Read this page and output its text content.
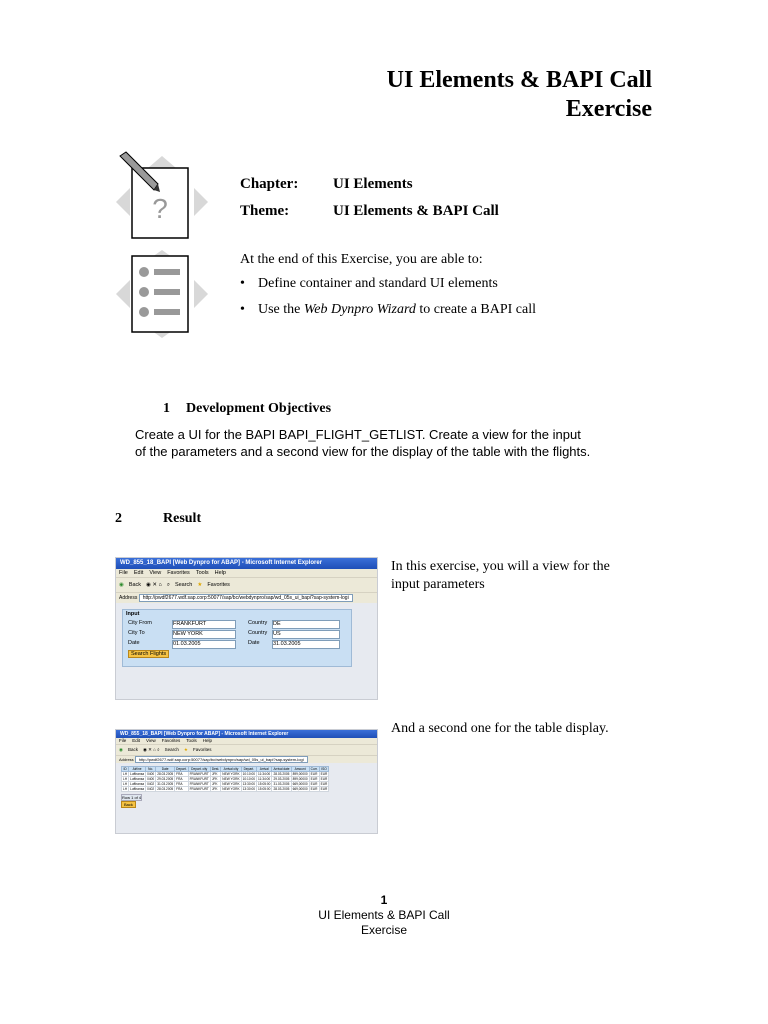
UI Elements & BAPI Call
Exercise
?
Chapter: UI Elements
Theme:	UI Elements & BAPI Call
At the end of this Exercise, you are able to:
• Define container and standard UI elements
• Use the Web Dynpro Wizard to create a BAPI call
1 Development Objectives
Create a UI for the BAPI BAPI_FLIGHT_GETLIST. Create a view for the input
of the parameters and a second view for the display of the table with the flights.
2	Result
WD_855_18_BAPI [Web Dynpro for ABAP] - Microsoft Internet Explorer
File Edit View Favorites Tools Help
◉ Back ◉ ✕ ⌂ ⌕ Search ★ Favorites
Address http://pwdf2677.wdf.sap.corp:50077/sap/bc/webdynpro/sap/wd_05s_ui_bapi?sap-system-logi
Input
City From	FRANKFURT	Country DE
City To	NEW YORK	Country US
Date	01.03.2005	Date 31.03.2005
Search Flights
In this exercise, you will a view for the
input parameters
WD_855_18_BAPI [Web Dynpro for ABAP] - Microsoft Internet Explorer
File Edit View Favorites Tools Help
◉ Back ◉ ✕ ⌂ ⌕ Search ★ Favorites
Address http://pwdf2677.wdf.sap.corp:50077/sap/bc/webdynpro/sap/wd_05s_ui_bapi?sap-system-logi
ID	Airline	No.	Date	Depart.	Depart. city	Dest.	Arrival city	Depart.	Arrival	Arrival date	Amount	Curr.	ISO
LH	Lufthansa	0400	28.03.2005	FRA	FRANKFURT	JFK	NEW YORK	10:10:00	11:34:00	28.03.2005	899,00000	EUR	EUR
LH	Lufthansa	0400	29.03.2005	FRA	FRANKFURT	JFK	NEW YORK	10:10:00	11:34:00	29.03.2005	899,00000	EUR	EUR
LH	Lufthansa	0402	31.03.2005	FRA	FRANKFURT	JFK	NEW YORK	13:30:00	15:05:00	31.03.2005	669,00000	EUR	EUR
LH	Lufthansa	0402	28.03.2005	FRA	FRANKFURT	JFK	NEW YORK	13:30:00	15:05:00	28.03.2005	669,00000	EUR	EUR
Row 1 of 4
Back
And a second one for the table display.
1
UI Elements & BAPI Call
Exercise
